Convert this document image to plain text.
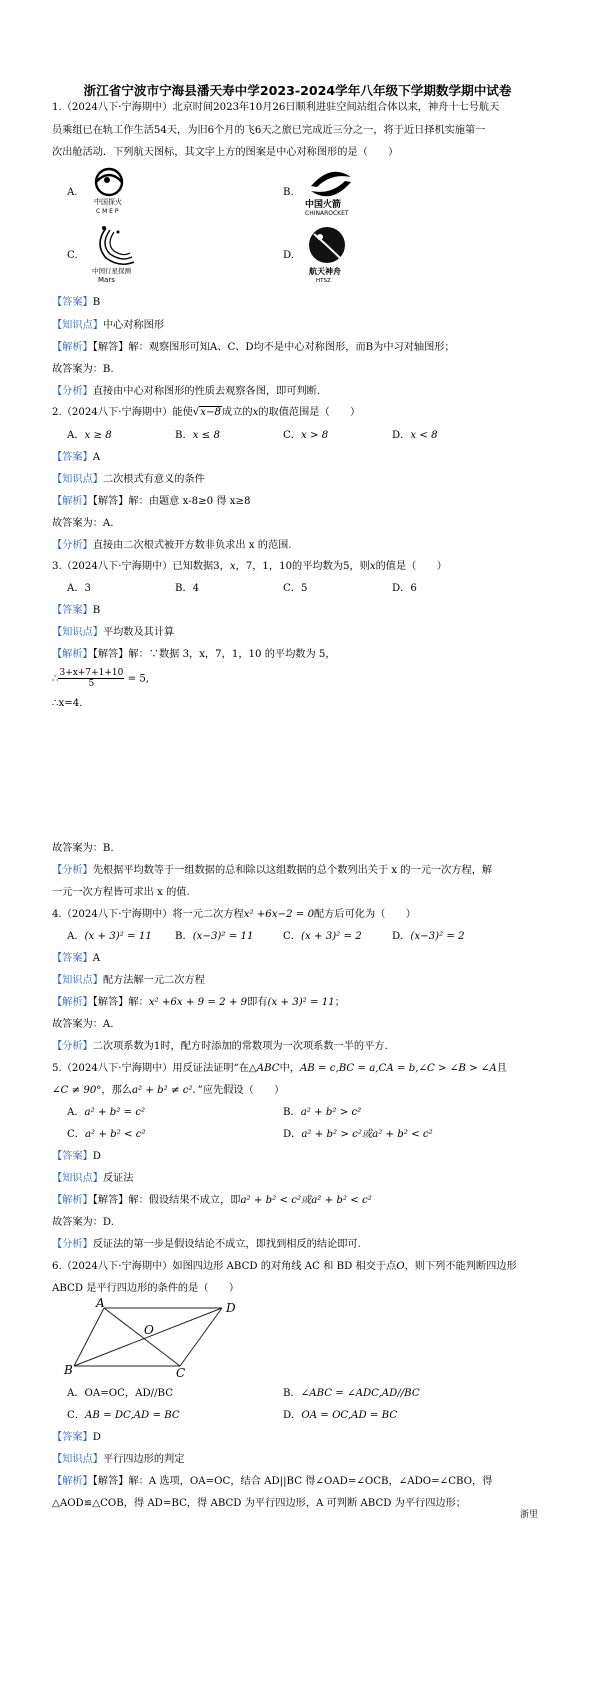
浙江省宁波市宁海县潘天寿中学2023-2024学年八年级下学期数学期中试卷
1.（2024八下·宁海期中）北京时间2023年10月26日顺利进驻空间站组合体以来，神舟十七号航天
员乘组已在轨工作生活54天，为旧6个月的飞6天之旅已完成近三分之一，将于近日择机实施第一
次出舱活动．下列航天图标，其文字上方的图案是中心对称图形的是（　　）
A.
中国探火
C M E P
B.
中国火箭
CHINAROCKET
C.
中国行星探测
Mars
D.
航天神舟
HTSZ
【答案】B
【知识点】中心对称图形
【解析】【解答】解：观察图形可知A、C、D均不是中心对称图形，而B为中习对轴图形；
故答案为：B.
【分析】直接由中心对称图形的性质去观察各图，即可判断.
2.（2024八下·宁海期中）能使√x−8成立的x的取值范围是（　　）
A．x ≥ 8	B．x ≤ 8	C．x > 8	D．x < 8
【答案】A
【知识点】二次根式有意义的条件
【解析】【解答】解：由题意 x-8≥0 得 x≥8
故答案为：A.
【分析】直接由二次根式被开方数非负求出 x 的范围.
3.（2024八下·宁海期中）已知数据3，x，7，1，10的平均数为5，则x的值是（　　）
A．3	B．4	C．5	D．6
【答案】B
【知识点】平均数及其计算
【解析】【解答】解：∵数据 3，x，7，1，10 的平均数为 5，
∴ $\frac{3+x+7+1+10}{5} = 5$,
∴x=4.
故答案为：B.
【分析】先根据平均数等于一组数据的总和除以这组数据的总个数列出关于 x 的一元一次方程，解
一元一次方程皆可求出 x 的值.
4.（2024八下·宁海期中）将一元二次方程x² +6x−2 = 0配方后可化为（　　）
A．(x + 3)² = 11 B．(x−3)² = 11	C．(x + 3)² = 2	D．(x−3)² = 2
【答案】A
【知识点】配方法解一元二次方程
【解析】【解答】解：x² +6x + 9 = 2 + 9即有(x + 3)² = 11；
故答案为：A.
【分析】二次项系数为1时，配方时添加的常数项为一次项系数一半的平方.
5.（2024八下·宁海期中）用反证法证明“在△ABC中，AB = c,BC = a,CA = b,∠C > ∠B > ∠A且
∠C ≠ 90°，那么a² + b² ≠ c²．”应先假设（　　）
A．a² + b² = c²	B．a² + b² > c²
C．a² + b² < c²	D．a² + b² > c²或a² + b² < c²
【答案】D
【知识点】反证法
【解析】【解答】解：假设结果不成立，即a² + b² < c²或a² + b² < c²
故答案为：D.
【分析】反证法的第一步是假设结论不成立，即找到相反的结论即可.
6.（2024八下·宁海期中）如图四边形 ABCD 的对角线 AC 和 BD 相交于点O，则下列不能判断四边形
ABCD 是平行四边形的条件的是（　　）
A	D
B	C
O
A．OA=OC，AD//BC	B．∠ABC = ∠ADC,AD//BC
C．AB = DC,AD = BC	D．OA = OC,AD = BC
【答案】D
【知识点】平行四边形的判定
【解析】【解答】解：A 选项，OA=OC，结合 AD||BC 得∠OAD=∠OCB，∠ADO=∠CBO，得
△AOD≌△COB，得 AD=BC，得 ABCD 为平行四边形，A 可判断 ABCD 为平行四边形；
浙里
